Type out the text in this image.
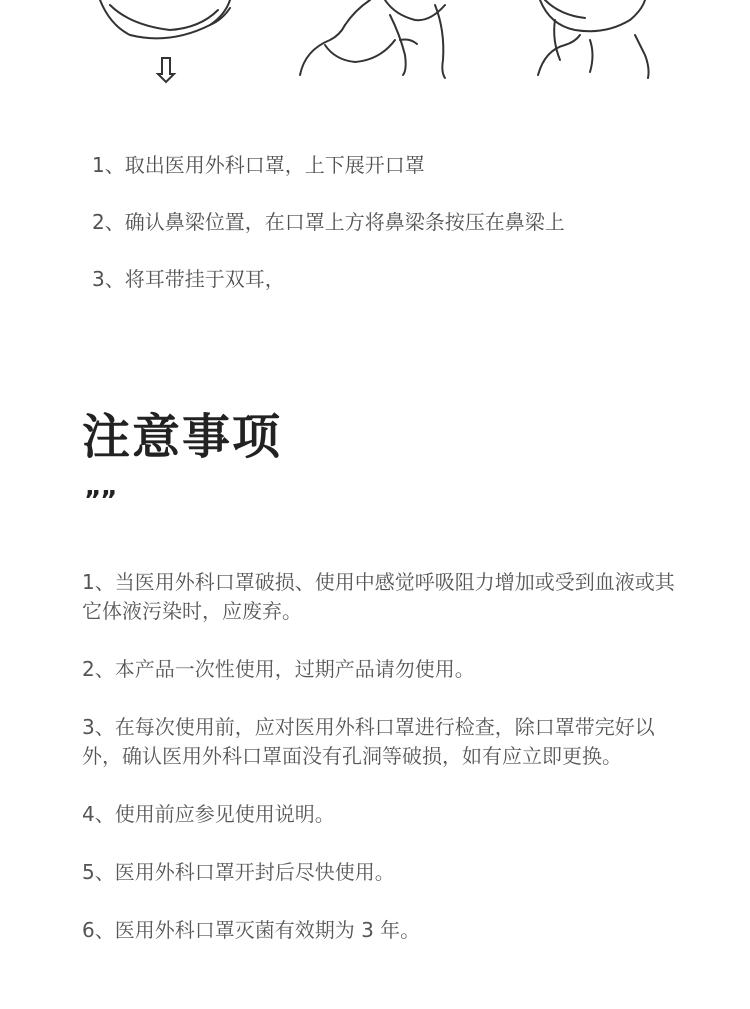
1、取出医用外科口罩，上下展开口罩
2、确认鼻梁位置，在口罩上方将鼻梁条按压在鼻梁上
3、将耳带挂于双耳，
注意事项
””
1、当医用外科口罩破损、使用中感觉呼吸阻力增加或受到血液或其它体液污染时，应废弃。
2、本产品一次性使用，过期产品请勿使用。
3、在每次使用前，应对医用外科口罩进行检查，除口罩带完好以外，确认医用外科口罩面没有孔洞等破损，如有应立即更换。
4、使用前应参见使用说明。
5、医用外科口罩开封后尽快使用。
6、医用外科口罩灭菌有效期为 3 年。
